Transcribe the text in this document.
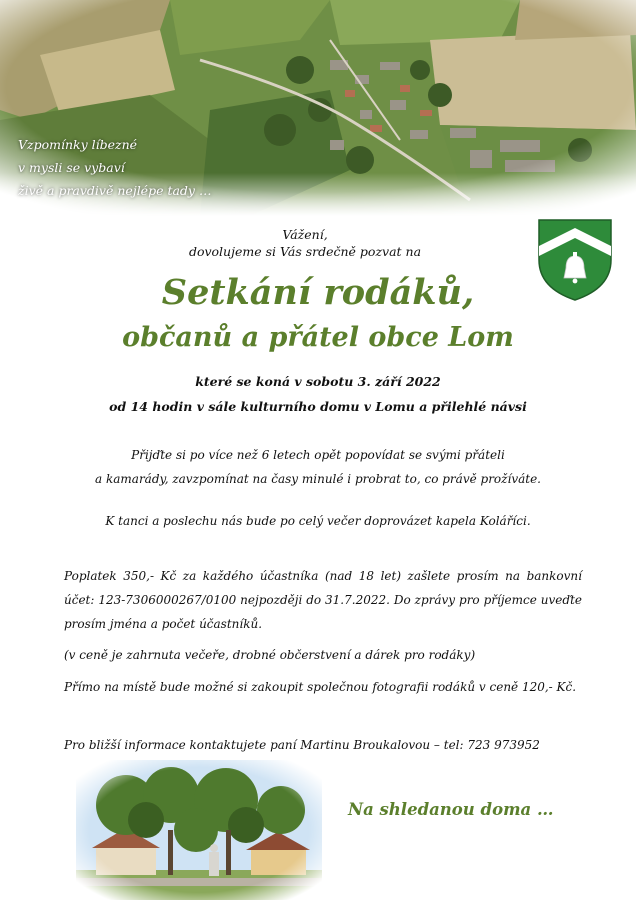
Vzpomínky líbezné
v mysli se vybaví
živě a pravdivě nejlépe tady …
Vážení,
dovolujeme si Vás srdečně pozvat na
Setkání rodáků,
občanů a přátel obce Lom
které se koná v sobotu 3. září 2022
od 14 hodin v sále kulturního domu v Lomu a přilehlé návsi
Přijďte si po více než 6 letech opět popovídat se svými přáteli
a kamarády, zavzpomínat na časy minulé i probrat to, co právě prožíváte.
K tanci a poslechu nás bude po celý večer doprovázet kapela Koláříci.
Poplatek 350,- Kč za každého účastníka (nad 18 let) zašlete prosím na bankovní účet: 123-7306000267/0100 nejpozději do 31.7.2022. Do zprávy pro příjemce uveďte prosím jména a počet účastníků.
(v ceně je zahrnuta večeře, drobné občerstvení a dárek pro rodáky)
Přímo na místě bude možné si zakoupit společnou fotografii rodáků v ceně 120,- Kč.
Pro bližší informace kontaktujete paní Martinu Broukalovou – tel: 723 973952
Na shledanou doma …
